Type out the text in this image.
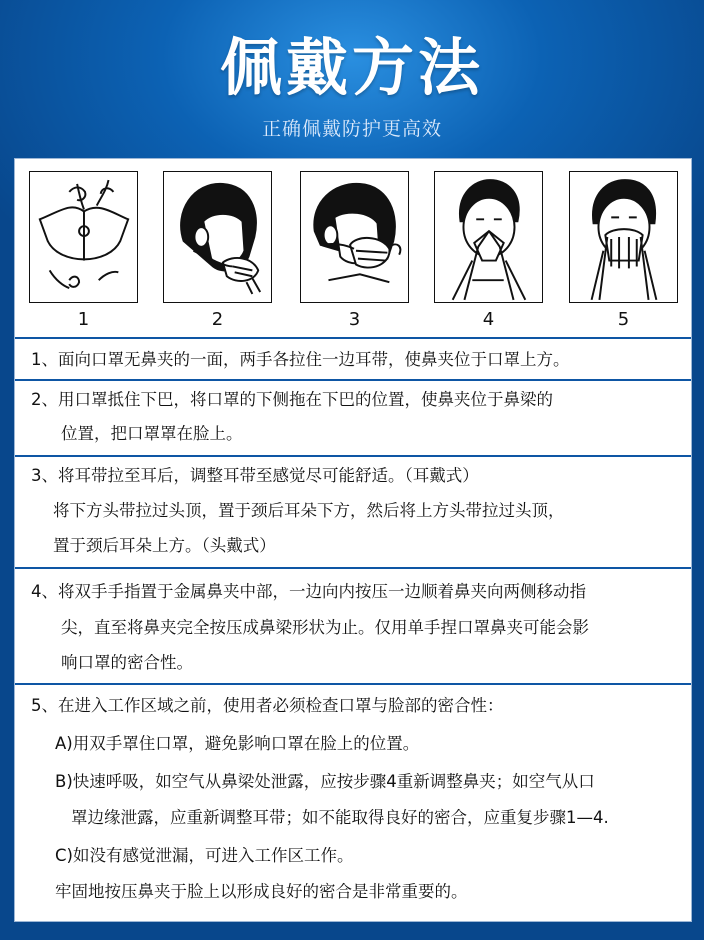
佩戴方法
正确佩戴防护更高效
1	2	3	4	5
1、面向口罩无鼻夹的一面，两手各拉住一边耳带，使鼻夹位于口罩上方。
2、用口罩抵住下巴，将口罩的下侧拖在下巴的位置，使鼻夹位于鼻梁的
位置，把口罩罩在脸上。
3、将耳带拉至耳后，调整耳带至感觉尽可能舒适。（耳戴式）
将下方头带拉过头顶，置于颈后耳朵下方，然后将上方头带拉过头顶，
置于颈后耳朵上方。（头戴式）
4、将双手手指置于金属鼻夹中部，一边向内按压一边顺着鼻夹向两侧移动指
尖，直至将鼻夹完全按压成鼻梁形状为止。仅用单手捏口罩鼻夹可能会影
响口罩的密合性。
5、在进入工作区域之前，使用者必须检查口罩与脸部的密合性：
A)用双手罩住口罩，避免影响口罩在脸上的位置。
B)快速呼吸，如空气从鼻梁处泄露，应按步骤4重新调整鼻夹；如空气从口
罩边缘泄露，应重新调整耳带；如不能取得良好的密合，应重复步骤1—4.
C)如没有感觉泄漏，可进入工作区工作。
牢固地按压鼻夹于脸上以形成良好的密合是非常重要的。
